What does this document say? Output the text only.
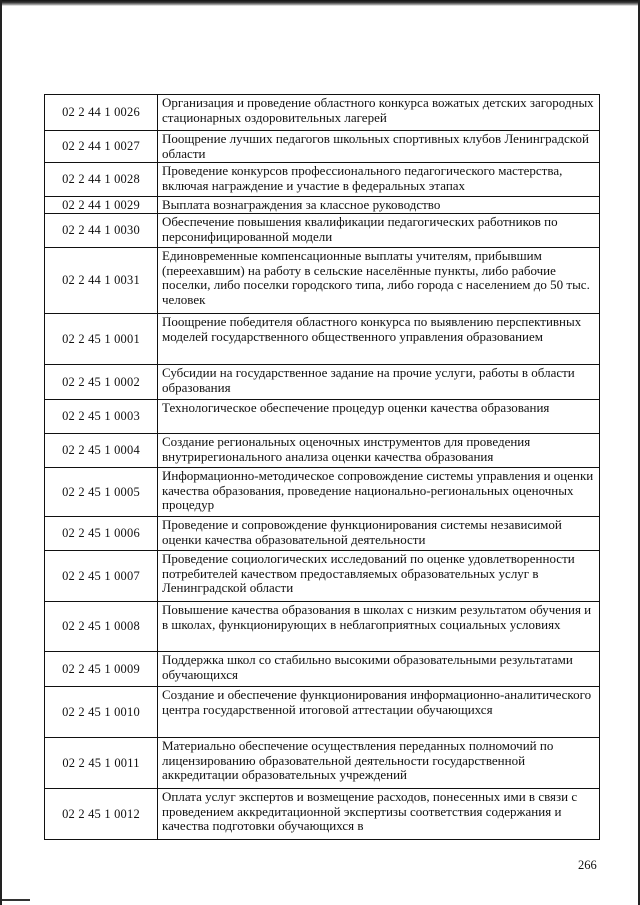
02 2 44 1 0026
Организация и проведение областного конкурса вожатых детских загородных стационарных оздоровительных лагерей
02 2 44 1 0027	Поощрение лучших педагогов школьных спортивных клубов Ленинградской области
02 2 44 1 0028
Проведение конкурсов профессионального педагогического мастерства, включая награждение и участие в федеральных этапах
02 2 44 1 0029	Выплата вознаграждения за классное руководство
02 2 44 1 0030
Обеспечение повышения квалификации педагогических работников по персонифицированной модели
02 2 44 1 0031
Единовременные компенсационные выплаты учителям, прибывшим (переехавшим) на работу в сельские населённые пункты, либо рабочие поселки, либо поселки городского типа, либо города с населением до 50 тыс. человек
02 2 45 1 0001
Поощрение победителя областного конкурса по выявлению перспективных моделей государственного общественного управления образованием
02 2 45 1 0002
Субсидии на государственное задание на прочие услуги, работы в области образования
02 2 45 1 0003
Технологическое обеспечение процедур оценки качества образования
02 2 45 1 0004
Создание региональных оценочных инструментов для проведения внутрирегионального анализа оценки качества образования
02 2 45 1 0005
Информационно-методическое сопровождение системы управления и оценки качества образования, проведение национально-региональных оценочных процедур
02 2 45 1 0006
Проведение и сопровождение функционирования системы независимой оценки качества образовательной деятельности
02 2 45 1 0007
Проведение социологических исследований по оценке удовлетворенности потребителей качеством предоставляемых образовательных услуг в Ленинградской области
02 2 45 1 0008
Повышение качества образования в школах с низким результатом обучения и в школах, функционирующих в неблагоприятных социальных условиях
02 2 45 1 0009
Поддержка школ со стабильно высокими образовательными результатами обучающихся
02 2 45 1 0010
Создание и обеспечение функционирования информационно-аналитического центра государственной итоговой аттестации обучающихся
02 2 45 1 0011
Материально обеспечение осуществления переданных полномочий по лицензированию образовательной деятельности государственной аккредитации образовательных учреждений
02 2 45 1 0012
Оплата услуг экспертов и возмещение расходов, понесенных ими в связи с проведением аккредитационной экспертизы соответствия содержания и качества подготовки обучающихся в
266
